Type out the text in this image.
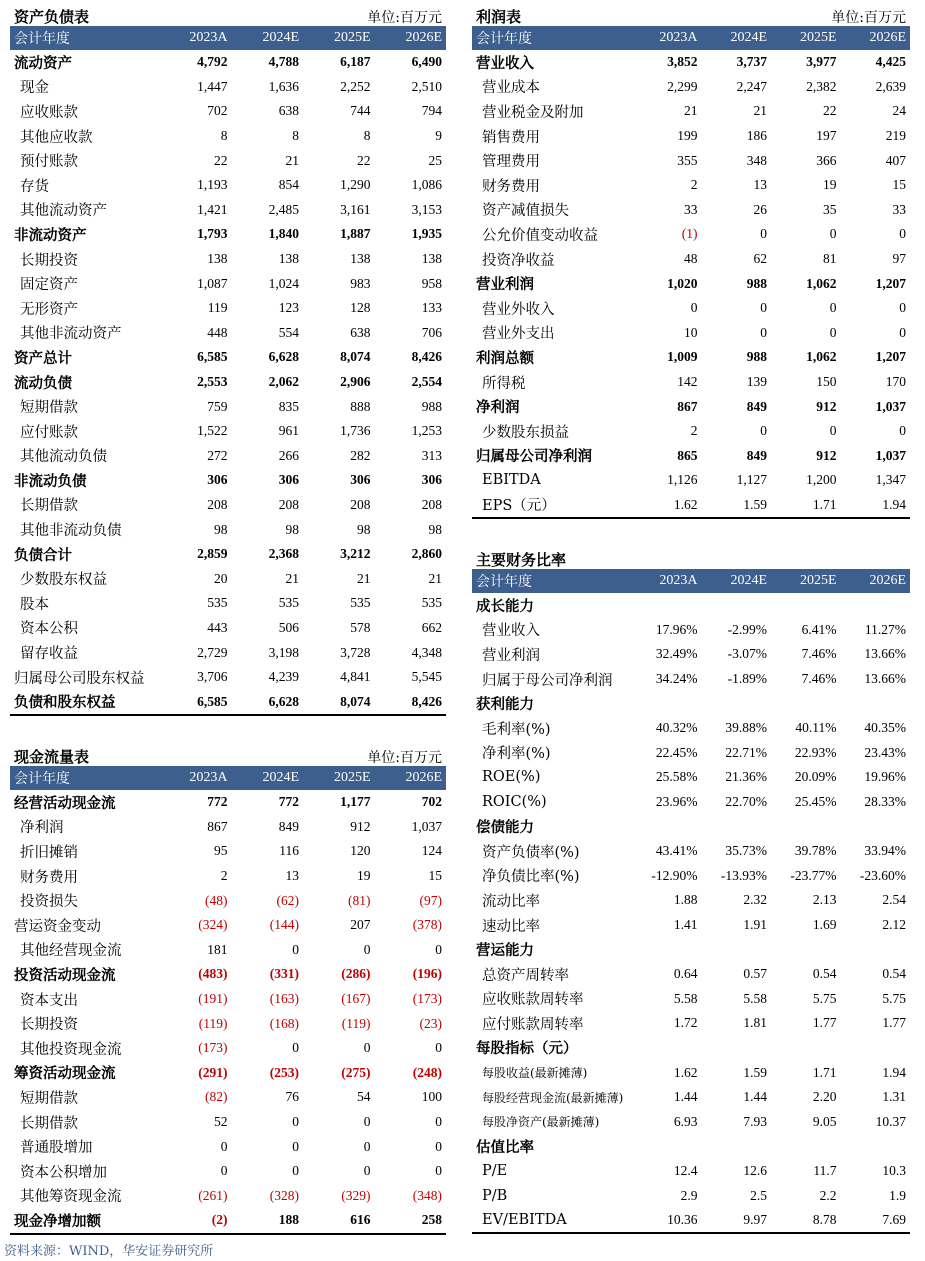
资产负债表	单位:百万元
会计年度	2023A	2024E	2025E	2026E
流动资产	4,792	4,788	6,187	6,490
现金	1,447	1,636	2,252	2,510
应收账款	702	638	744	794
其他应收款	8	8	8	9
预付账款	22	21	22	25
存货	1,193	854	1,290	1,086
其他流动资产	1,421	2,485	3,161	3,153
非流动资产	1,793	1,840	1,887	1,935
长期投资	138	138	138	138
固定资产	1,087	1,024	983	958
无形资产	119	123	128	133
其他非流动资产	448	554	638	706
资产总计	6,585	6,628	8,074	8,426
流动负债	2,553	2,062	2,906	2,554
短期借款	759	835	888	988
应付账款	1,522	961	1,736	1,253
其他流动负债	272	266	282	313
非流动负债	306	306	306	306
长期借款	208	208	208	208
其他非流动负债	98	98	98	98
负债合计	2,859	2,368	3,212	2,860
少数股东权益	20	21	21	21
股本	535	535	535	535
资本公积	443	506	578	662
留存收益	2,729	3,198	3,728	4,348
归属母公司股东权益	3,706	4,239	4,841	5,545
负债和股东权益	6,585	6,628	8,074	8,426
利润表	单位:百万元
会计年度	2023A	2024E	2025E	2026E
营业收入	3,852	3,737	3,977	4,425
营业成本	2,299	2,247	2,382	2,639
营业税金及附加	21	21	22	24
销售费用	199	186	197	219
管理费用	355	348	366	407
财务费用	2	13	19	15
资产减值损失	33	26	35	33
公允价值变动收益	(1)	0	0	0
投资净收益	48	62	81	97
营业利润	1,020	988	1,062	1,207
营业外收入	0	0	0	0
营业外支出	10	0	0	0
利润总额	1,009	988	1,062	1,207
所得税	142	139	150	170
净利润	867	849	912	1,037
少数股东损益	2	0	0	0
归属母公司净利润	865	849	912	1,037
EBITDA	1,126	1,127	1,200	1,347
EPS（元）	1.62	1.59	1.71	1.94
现金流量表	单位:百万元
会计年度	2023A	2024E	2025E	2026E
经营活动现金流	772	772	1,177	702
净利润	867	849	912	1,037
折旧摊销	95	116	120	124
财务费用	2	13	19	15
投资损失	(48)	(62)	(81)	(97)
营运资金变动	(324)	(144)	207	(378)
其他经营现金流	181	0	0	0
投资活动现金流	(483)	(331)	(286)	(196)
资本支出	(191)	(163)	(167)	(173)
长期投资	(119)	(168)	(119)	(23)
其他投资现金流	(173)	0	0	0
筹资活动现金流	(291)	(253)	(275)	(248)
短期借款	(82)	76	54	100
长期借款	52	0	0	0
普通股增加	0	0	0	0
资本公积增加	0	0	0	0
其他筹资现金流	(261)	(328)	(329)	(348)
现金净增加额	(2)	188	616	258
主要财务比率
会计年度	2023A	2024E	2025E	2026E
成长能力				
营业收入	17.96%	-2.99%	6.41%	11.27%
营业利润	32.49%	-3.07%	7.46%	13.66%
归属于母公司净利润	34.24%	-1.89%	7.46%	13.66%
获利能力				
毛利率(%)	40.32%	39.88%	40.11%	40.35%
净利率(%)	22.45%	22.71%	22.93%	23.43%
ROE(%)	25.58%	21.36%	20.09%	19.96%
ROIC(%)	23.96%	22.70%	25.45%	28.33%
偿债能力				
资产负债率(%)	43.41%	35.73%	39.78%	33.94%
净负债比率(%)	-12.90%	-13.93%	-23.77%	-23.60%
流动比率	1.88	2.32	2.13	2.54
速动比率	1.41	1.91	1.69	2.12
营运能力				
总资产周转率	0.64	0.57	0.54	0.54
应收账款周转率	5.58	5.58	5.75	5.75
应付账款周转率	1.72	1.81	1.77	1.77
每股指标（元）				
每股收益(最新摊薄)	1.62	1.59	1.71	1.94
每股经营现金流(最新摊薄)	1.44	1.44	2.20	1.31
每股净资产(最新摊薄)	6.93	7.93	9.05	10.37
估值比率				
P/E	12.4	12.6	11.7	10.3
P/B	2.9	2.5	2.2	1.9
EV/EBITDA	10.36	9.97	8.78	7.69
资料来源：WIND，华安证券研究所
